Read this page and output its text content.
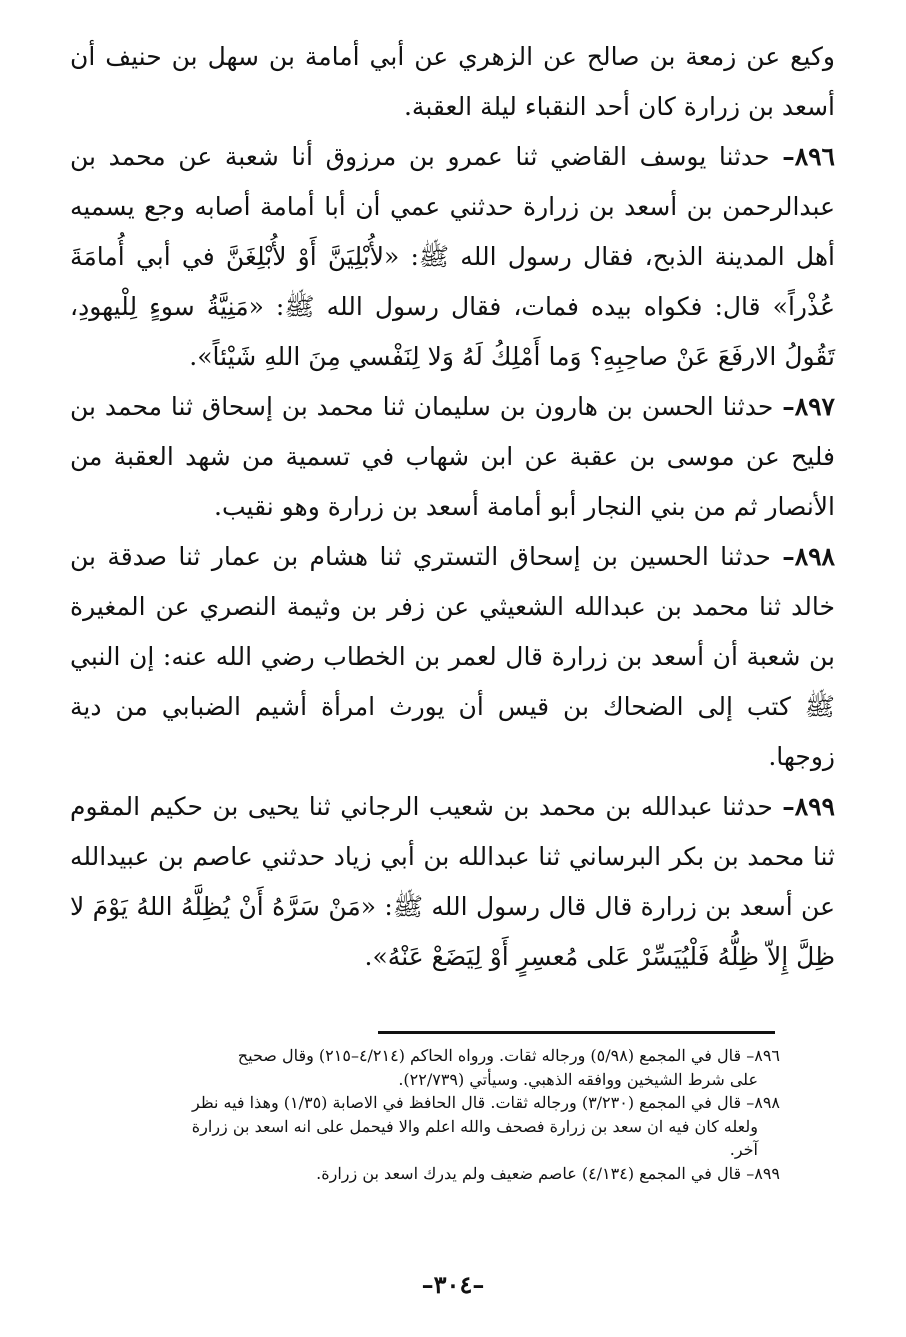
وكيع عن زمعة بن صالح عن الزهري عن أبي أمامة بن سهل بن حنيف أن أسعد بن زرارة كان أحد النقباء ليلة العقبة.

٨٩٦– حدثنا يوسف القاضي ثنا عمرو بن مرزوق أنا شعبة عن محمد بن عبدالرحمن بن أسعد بن زرارة حدثني عمي أن أبا أمامة أصابه وجع يسميه أهل المدينة الذبح، فقال رسول الله ﷺ: «لأُبْلِيَنَّ أَوْ لأُبْلِغَنَّ في أبي أُمامَةَ عُذْراً» قال: فكواه بيده فمات، فقال رسول الله ﷺ: «مَنِيَّةُ سوءٍ لِلْيهودِ، تَقُولُ الارفَعَ عَنْ صاحِبِهِ؟ وَما أَمْلِكُ لَهُ وَلا لِنَفْسي مِنَ اللهِ شَيْئاً».

٨٩٧– حدثنا الحسن بن هارون بن سليمان ثنا محمد بن إسحاق ثنا محمد بن فليح عن موسى بن عقبة عن ابن شهاب في تسمية من شهد العقبة من الأنصار ثم من بني النجار أبو أمامة أسعد بن زرارة وهو نقيب.

٨٩٨– حدثنا الحسين بن إسحاق التستري ثنا هشام بن عمار ثنا صدقة بن خالد ثنا محمد بن عبدالله الشعيثي عن زفر بن وثيمة النصري عن المغيرة بن شعبة أن أسعد بن زرارة قال لعمر بن الخطاب رضي الله عنه: إن النبي ﷺ كتب إلى الضحاك بن قيس أن يورث امرأة أشيم الضبابي من دية زوجها.

٨٩٩– حدثنا عبدالله بن محمد بن شعيب الرجاني ثنا يحيى بن حكيم المقوم ثنا محمد بن بكر البرساني ثنا عبدالله بن أبي زياد حدثني عاصم بن عبيدالله عن أسعد بن زرارة قال قال رسول الله ﷺ: «مَنْ سَرَّهُ أَنْ يُظِلَّهُ اللهُ يَوْمَ لا ظِلَّ إِلاّ ظِلُّهُ فَلْيُيَسِّرْ عَلى مُعسِرٍ أَوْ لِيَضَعْ عَنْهُ».

٨٩٦– قال في المجمع (٥/٩٨) ورجاله ثقات. ورواه الحاكم (٤/٢١٤–٢١٥) وقال صحيح

على شرط الشيخين ووافقه الذهبي. وسيأتي (٢٢/٧٣٩).

٨٩٨– قال في المجمع (٣/٢٣٠) ورجاله ثقات. قال الحافظ في الاصابة (١/٣٥) وهذا فيه نظر

ولعله كان فيه ان سعد بن زرارة فصحف والله اعلم والا فيحمل على انه اسعد بن زرارة

آخر.

٨٩٩– قال في المجمع (٤/١٣٤) عاصم ضعيف ولم يدرك اسعد بن زرارة.

–٣٠٤–
